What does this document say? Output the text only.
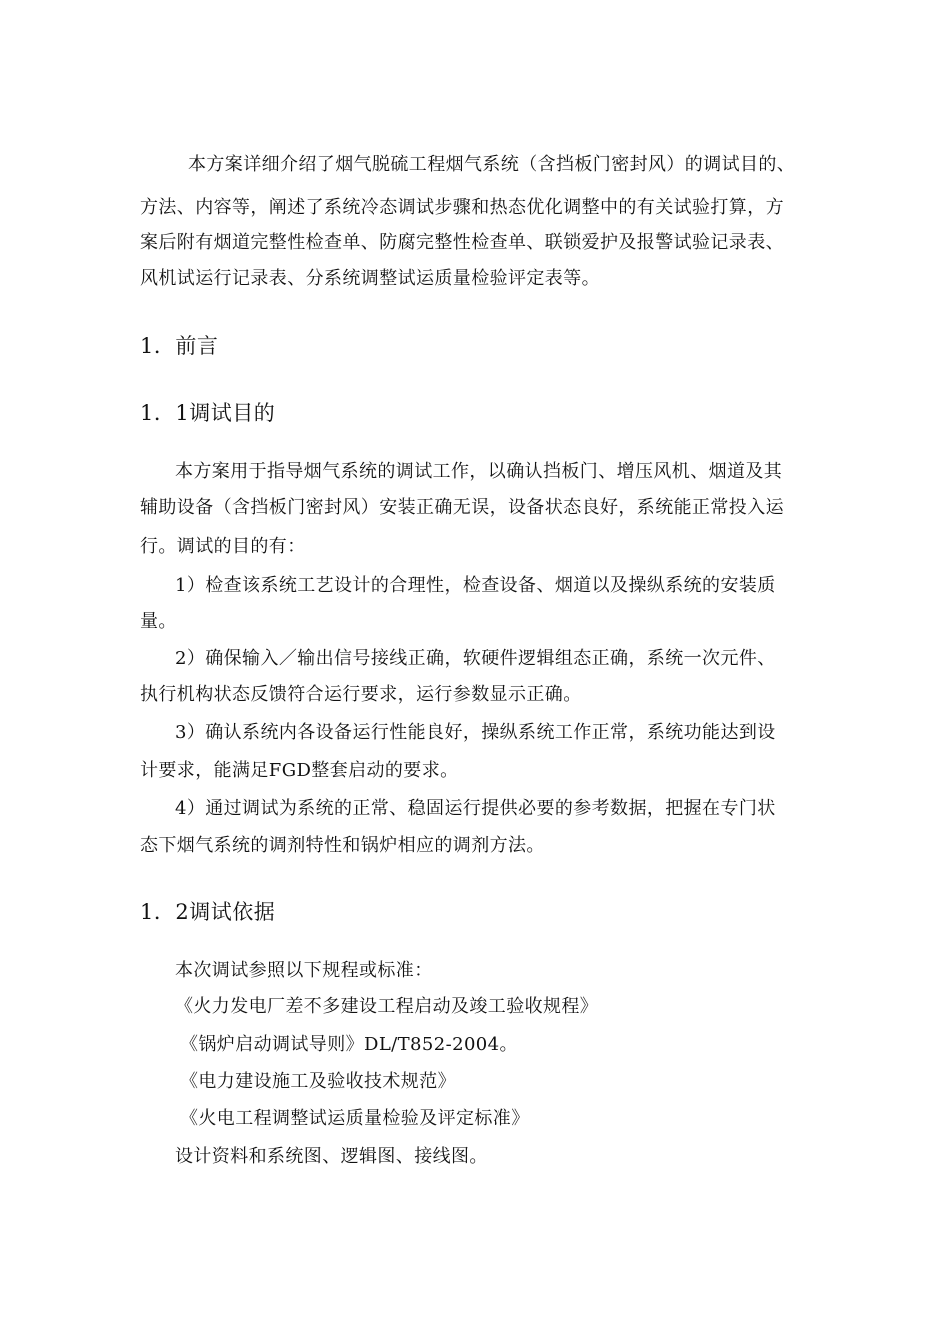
本方案详细介绍了烟气脱硫工程烟气系统（含挡板门密封风）的调试目的、
方法、内容等，阐述了系统冷态调试步骤和热态优化调整中的有关试验打算，方
案后附有烟道完整性检查单、防腐完整性检查单、联锁爱护及报警试验记录表、
风机试运行记录表、分系统调整试运质量检验评定表等。
1．前言
1．1调试目的
本方案用于指导烟气系统的调试工作，以确认挡板门、增压风机、烟道及其
辅助设备（含挡板门密封风）安装正确无误，设备状态良好，系统能正常投入运
行。调试的目的有：
1）检查该系统工艺设计的合理性，检查设备、烟道以及操纵系统的安装质
量。
2）确保输入／输出信号接线正确，软硬件逻辑组态正确，系统一次元件、
执行机构状态反馈符合运行要求，运行参数显示正确。
3）确认系统内各设备运行性能良好，操纵系统工作正常，系统功能达到设
计要求，能满足FGD整套启动的要求。
4）通过调试为系统的正常、稳固运行提供必要的参考数据，把握在专门状
态下烟气系统的调剂特性和锅炉相应的调剂方法。
1．2调试依据
本次调试参照以下规程或标准：
《火力发电厂差不多建设工程启动及竣工验收规程》
《锅炉启动调试导则》DL/T852-2004。
《电力建设施工及验收技术规范》
《火电工程调整试运质量检验及评定标准》
设计资料和系统图、逻辑图、接线图。
